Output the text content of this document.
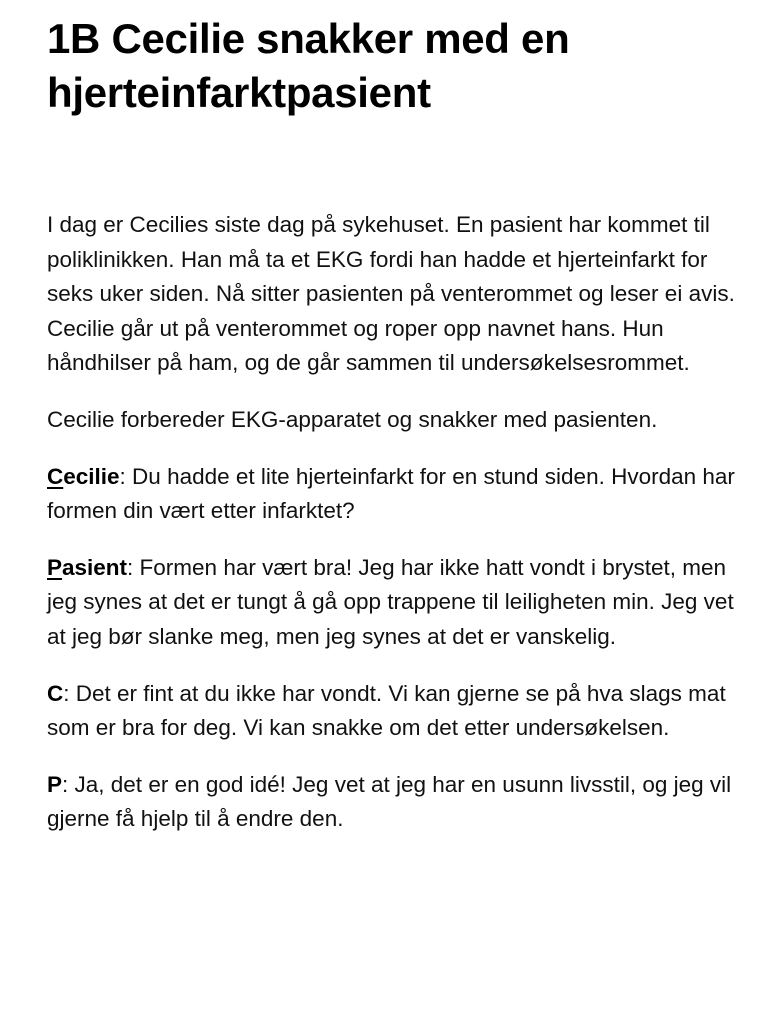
1B Cecilie snakker med en hjerteinfarktpasient

I dag er Cecilies siste dag på sykehuset. En pasient har kommet til poliklinikken. Han må ta et EKG fordi han hadde et hjerteinfarkt for seks uker siden. Nå sitter pasienten på venterommet og leser ei avis. Cecilie går ut på venterommet og roper opp navnet hans. Hun håndhilser på ham, og de går sammen til undersøkelsesrommet.

Cecilie forbereder EKG-apparatet og snakker med pasienten.

Cecilie: Du hadde et lite hjerteinfarkt for en stund siden. Hvordan har formen din vært etter infarktet?

Pasient: Formen har vært bra! Jeg har ikke hatt vondt i brystet, men jeg synes at det er tungt å gå opp trappene til leiligheten min. Jeg vet at jeg bør slanke meg, men jeg synes at det er vanskelig.

C: Det er fint at du ikke har vondt. Vi kan gjerne se på hva slags mat som er bra for deg. Vi kan snakke om det etter undersøkelsen.

P: Ja, det er en god idé! Jeg vet at jeg har en usunn livsstil, og jeg vil gjerne få hjelp til å endre den.
